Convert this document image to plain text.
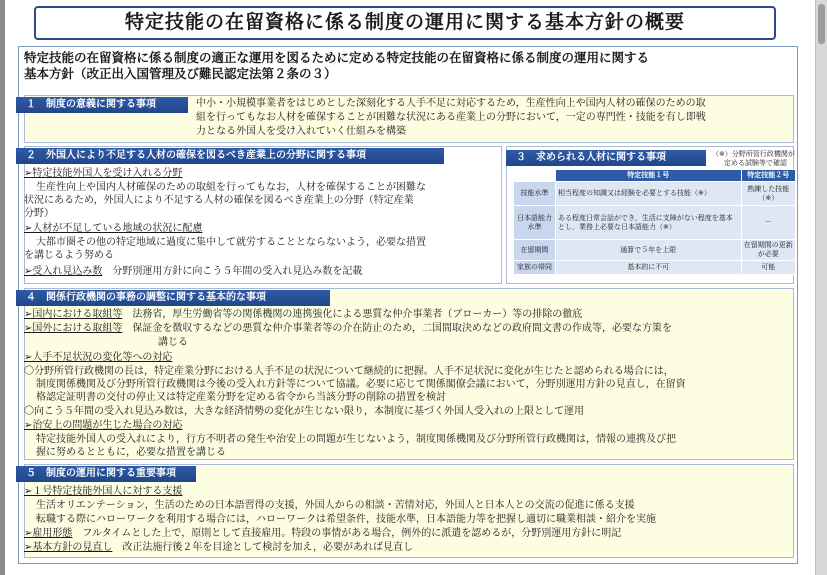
特定技能の在留資格に係る制度の運用に関する基本方針の概要
特定技能の在留資格に係る制度の適正な運用を図るために定める特定技能の在留資格に係る制度の運用に関する
基本方針（改正出入国管理及び難民認定法第２条の３）
１　制度の意義に関する事項	中小・小規模事業者をはじめとした深刻化する人手不足に対応するため，生産性向上や国内人材の確保のための取
組を行ってもなお人材を確保することが困難な状況にある産業上の分野において，一定の専門性・技能を有し即戦
力となる外国人を受け入れていく仕組みを構築
２　外国人により不足する人材の確保を図るべき産業上の分野に関する事項
➢特定技能外国人を受け入れる分野
生産性向上や国内人材確保のための取組を行ってもなお，人材を確保することが困難な
状況にあるため，外国人により不足する人材の確保を図るべき産業上の分野（特定産業
分野）
➢人材が不足している地域の状況に配慮
大都市圏その他の特定地域に過度に集中して就労することとならないよう，必要な措置
を講じるよう努める
➢受入れ見込み数　 分野別運用方針に向こう５年間の受入れ見込み数を記載
３　求められる人材に関する事項	（※）分野所管行政機関が
定める試験等で確認
	特定技能１号	特定技能２号
技能水準	相当程度の知識又は経験を必要とする技能（※）	熟練した技能（※）
日本語能力水準	ある程度日常会話ができ，生活に支障がない程度を基本とし，業務上必要な日本語能力（※）	－
在留期間	通算で５年を上限	在留期間の更新が必要
家族の帯同	基本的に不可	可能
４　関係行政機関の事務の調整に関する基本的な事項
➢国内における取組等　 法務省，厚生労働省等の関係機関の連携強化による悪質な仲介事業者（ブローカー）等の排除の徹底
➢国外における取組等　 保証金を徴収するなどの悪質な仲介事業者等の介在防止のため，二国間取決めなどの政府間文書の作成等，必要な方策を
講じる
➢人手不足状況の変化等への対応
〇分野所管行政機関の長は，特定産業分野における人手不足の状況について継続的に把握。人手不足状況に変化が生じたと認められる場合には，
制度関係機関及び分野所管行政機関は今後の受入れ方針等について協議。必要に応じて関係閣僚会議において，分野別運用方針の見直し，在留資
格認定証明書の交付の停止又は特定産業分野を定める省令から当該分野の削除の措置を検討
〇向こう５年間の受入れ見込み数は，大きな経済情勢の変化が生じない限り，本制度に基づく外国人受入れの上限として運用
➢治安上の問題が生じた場合の対応
特定技能外国人の受入れにより，行方不明者の発生や治安上の問題が生じないよう，制度関係機関及び分野所管行政機関は，情報の連携及び把
握に努めるとともに，必要な措置を講じる
５　制度の運用に関する重要事項
➢１号特定技能外国人に対する支援
生活オリエンテーション，生活のための日本語習得の支援，外国人からの相談・苦情対応，外国人と日本人との交流の促進に係る支援
転職する際にハローワークを利用する場合には，ハローワークは希望条件，技能水準，日本語能力等を把握し適切に職業相談・紹介を実施
➢雇用形態　 フルタイムとした上で，原則として直接雇用。特段の事情がある場合，例外的に派遣を認めるが，分野別運用方針に明記
➢基本方針の見直し　 改正法施行後２年を目途として検討を加え，必要があれば見直し
